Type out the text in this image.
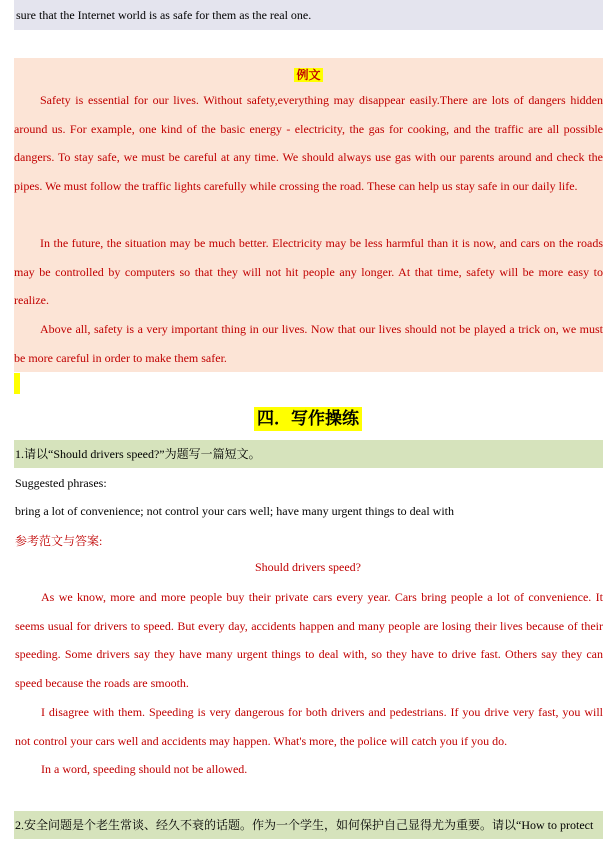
sure that the Internet world is as safe for them as the real one.
例文

Safety is essential for our lives. Without safety,everything may disappear easily.There are lots of dangers hidden around us. For example, one kind of the basic energy - electricity, the gas for cooking, and the traffic are all possible dangers. To stay safe, we must be careful at any time. We should always use gas with our parents around and check the pipes. We must follow the traffic lights carefully while crossing the road. These can help us stay safe in our daily life.

In the future, the situation may be much better. Electricity may be less harmful than it is now, and cars on the roads may be controlled by computers so that they will not hit people any longer. At that time, safety will be more easy to realize.

Above all, safety is a very important thing in our lives. Now that our lives should not be played a trick on, we must be more careful in order to make them safer.

四．写作操练
1.请以“Should drivers speed?”为题写一篇短文。
Suggested phrases:
bring a lot of convenience; not control your cars well; have many urgent things to deal with
参考范文与答案:
Should drivers speed?

As we know, more and more people buy their private cars every year. Cars bring people a lot of convenience. It seems usual for drivers to speed. But every day, accidents happen and many people are losing their lives because of their speeding. Some drivers say they have many urgent things to deal with, so they have to drive fast. Others say they can speed because the roads are smooth.

I disagree with them. Speeding is very dangerous for both drivers and pedestrians. If you drive very fast, you will not control your cars well and accidents may happen. What's more, the police will catch you if you do.

In a word, speeding should not be allowed.

2.安全问题是个老生常谈、经久不衰的话题。作为一个学生，如何保护自己显得尤为重要。请以“How to protect
